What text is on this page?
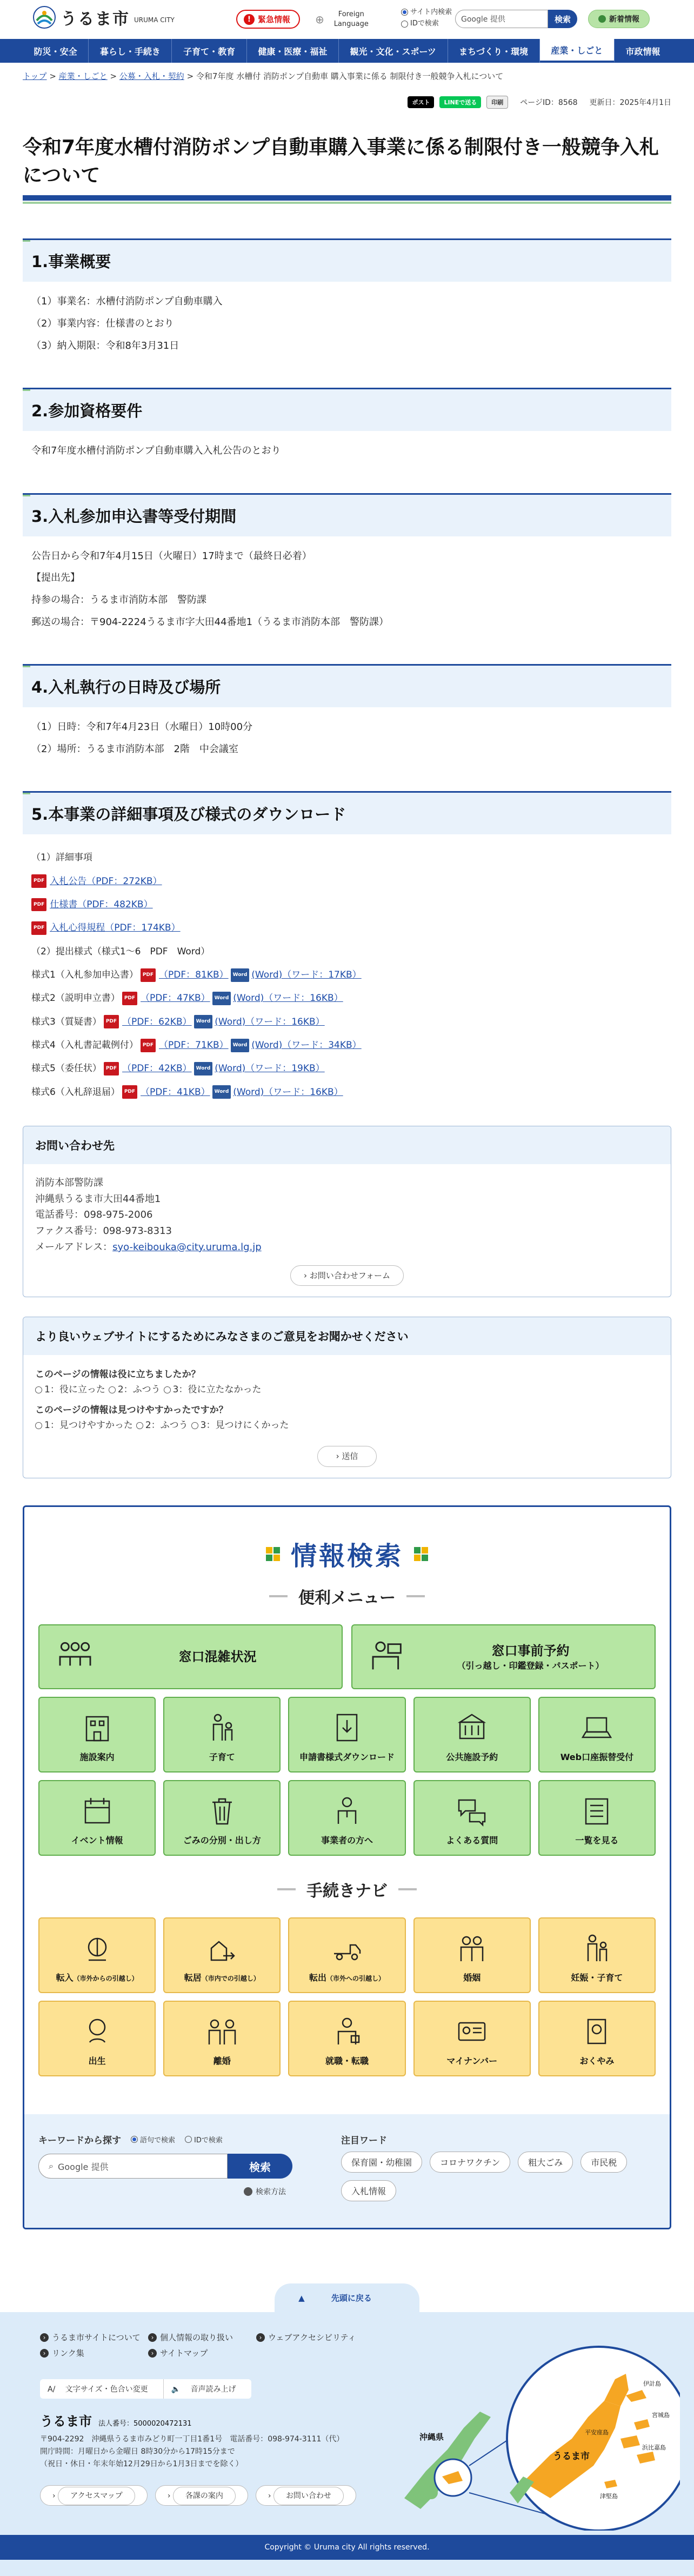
うるま市 URUMA CITY	! 緊急情報 ⊕	Foreign Language
サイト内検索
IDで検索	Google 提供	検索	新着情報
防災・安全	暮らし・手続き	子育て・教育	健康・医療・福祉	観光・文化・スポーツ	まちづくり・環境	産業・しごと	市政情報
トップ > 産業・しごと > 公募・入札・契約 > 令和7年度 水槽付 消防ポンプ自動車 購入事業に係る 制限付き一般競争入札について
ポスト	LINEで送る	印刷	ページID：8568 更新日：2025年4月1日
令和7年度水槽付消防ポンプ自動車購入事業に係る制限付き一般競争入札について
1.事業概要

（1）事業名：水槽付消防ポンプ自動車購入

（2）事業内容：仕様書のとおり

（3）納入期限：令和8年3月31日

2.参加資格要件

令和7年度水槽付消防ポンプ自動車購入入札公告のとおり

3.入札参加申込書等受付期間

公告日から令和7年4月15日（火曜日）17時まで（最終日必着）

【提出先】

持参の場合：うるま市消防本部　警防課

郵送の場合：〒904-2224うるま市字大田44番地1（うるま市消防本部　警防課）

4.入札執行の日時及び場所

（1）日時：令和7年4月23日（水曜日）10時00分

（2）場所：うるま市消防本部　2階　中会議室

5.本事業の詳細事項及び様式のダウンロード
（1）詳細事項
PDF 入札公告（PDF：272KB）
PDF 仕様書（PDF：482KB）
PDF 入札心得規程（PDF：174KB）
（2）提出様式（様式1～6　PDF　Word）
様式1（入札参加申込書） PDF （PDF：81KB） Word (Word)（ワード：17KB）
様式2（説明申立書） PDF （PDF：47KB） Word (Word)（ワード：16KB）
様式3（質疑書） PDF （PDF：62KB） Word (Word)（ワード：16KB）
様式4（入札書記載例付） PDF （PDF：71KB） Word (Word)（ワード：34KB）
様式5（委任状） PDF （PDF：42KB） Word (Word)（ワード：19KB）
様式6（入札辞退届） PDF （PDF：41KB） Word (Word)（ワード：16KB）
お問い合わせ先
消防本部警防課
沖縄県うるま市大田44番地1
電話番号：098-975-2006
ファクス番号：098-973-8313
メールアドレス：syo-keibouka@city.uruma.lg.jp
› お問い合わせフォーム
より良いウェブサイトにするためにみなさまのご意見をお聞かせください
このページの情報は役に立ちましたか？
1：役に立った 2：ふつう 3：役に立たなかった
このページの情報は見つけやすかったですか？
1：見つけやすかった 2：ふつう 3：見つけにくかった
› 送信
情報検索
便利メニュー
窓口混雑状況	窓口事前予約
（引っ越し・印鑑登録・パスポート）
施設案内	子育て	申請書様式ダウンロード	公共施設予約	Web口座振替受付
イベント情報	ごみの分別・出し方	事業者の方へ	よくある質問	一覧を見る
手続きナビ
転入（市外からの引越し）	転居（市内での引越し）	転出（市外への引越し）	婚姻	妊娠・子育て
出生	離婚	就職・転職	マイナンバー	おくやみ
キーワードから探す	語句で検索	IDで検索
⌕ Google 提供	検索
検索方法
注目ワード
保育園・幼稚園	コロナワクチン	粗大ごみ	市民税
入札情報
▲	先頭に戻る
› うるま市サイトについて	› 個人情報の取り扱い	› ウェブアクセシビリティ
› リンク集	› サイトマップ
A/ 文字サイズ・色合い変更	🔈 音声読み上げ
うるま市 法人番号：5000020472131
〒904-2292　沖縄県うるま市みどり町一丁目1番1号　電話番号：098-974-3111（代）
開庁時間：月曜日から金曜日 8時30分から17時15分まで
（祝日・休日・年末年始12月29日から1月3日までを除く）
› アクセスマップ	› 各課の案内	› お問い合わせ
沖縄県
うるま市
伊計島
宮城島
平安座島
浜比嘉島
津堅島
Copyright © Uruma city All rights reserved.
